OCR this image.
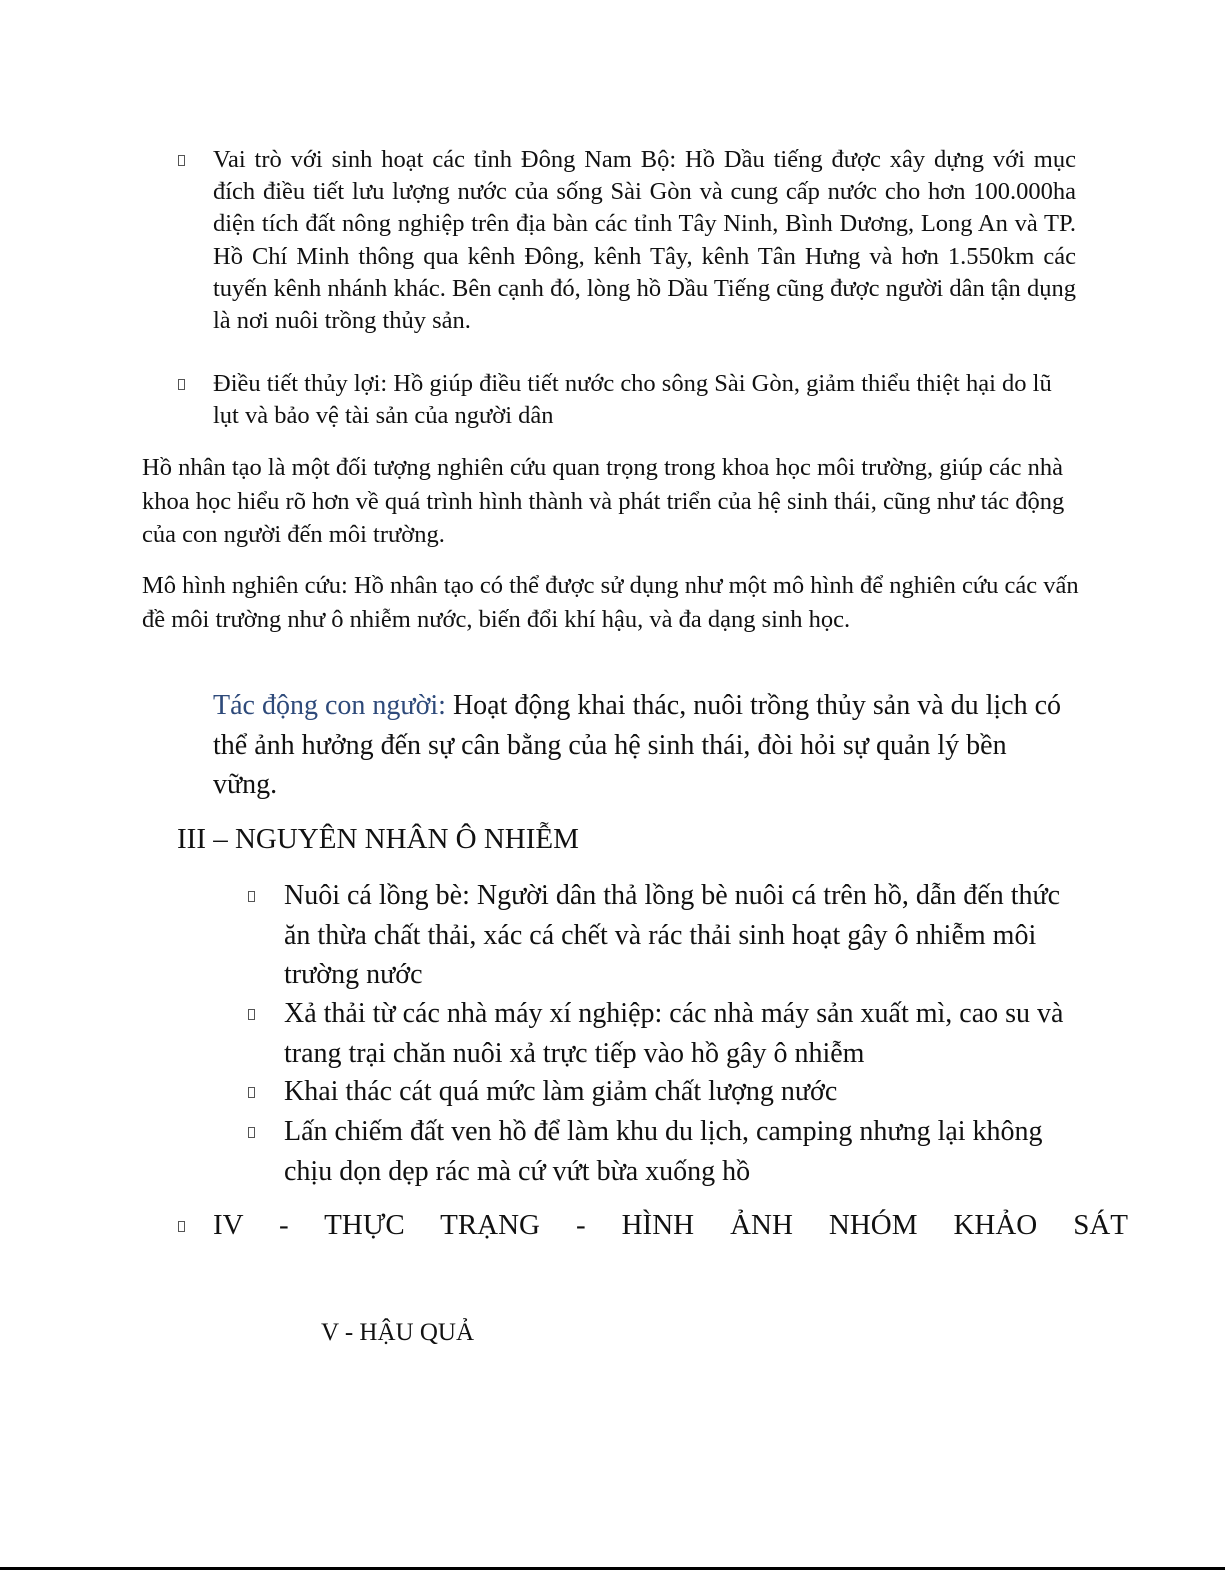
Vai trò với sinh hoạt các tỉnh Đông Nam Bộ: Hồ Dầu tiếng được xây dựng với mục đích điều tiết lưu lượng nước của sống Sài Gòn và cung cấp nước cho hơn 100.000ha diện tích đất nông nghiệp trên địa bàn các tỉnh Tây Ninh, Bình Dương, Long An và TP. Hồ Chí Minh thông qua kênh Đông, kênh Tây, kênh Tân Hưng và hơn 1.550km các tuyến kênh nhánh khác. Bên cạnh đó, lòng hồ Dầu Tiếng cũng được người dân tận dụng là nơi nuôi trồng thủy sản.
Điều tiết thủy lợi: Hồ giúp điều tiết nước cho sông Sài Gòn, giảm thiểu thiệt hại do lũ lụt và bảo vệ tài sản của người dân
Hồ nhân tạo là một đối tượng nghiên cứu quan trọng trong khoa học môi trường, giúp các nhà khoa học hiểu rõ hơn về quá trình hình thành và phát triển của hệ sinh thái, cũng như tác động của con người đến môi trường.
Mô hình nghiên cứu: Hồ nhân tạo có thể được sử dụng như một mô hình để nghiên cứu các vấn đề môi trường như ô nhiễm nước, biến đổi khí hậu, và đa dạng sinh học.
Tác động con người: Hoạt động khai thác, nuôi trồng thủy sản và du lịch có thể ảnh hưởng đến sự cân bằng của hệ sinh thái, đòi hỏi sự quản lý bền vững.
III – NGUYÊN NHÂN Ô NHIỄM
Nuôi cá lồng bè: Người dân thả lồng bè nuôi cá trên hồ, dẫn đến thức ăn thừa chất thải, xác cá chết và rác thải sinh hoạt gây ô nhiễm môi trường nước
Xả thải từ các nhà máy xí nghiệp: các nhà máy sản xuất mì, cao su và trang trại chăn nuôi xả trực tiếp vào hồ gây ô nhiễm
Khai thác cát quá mức làm giảm chất lượng nước
Lấn chiếm đất ven hồ để làm khu du lịch, camping nhưng lại không chịu dọn dẹp rác mà cứ vứt bừa xuống hồ
IV - THỰC TRẠNG - HÌNH ẢNH NHÓM KHẢO SÁT
V - HẬU QUẢ
